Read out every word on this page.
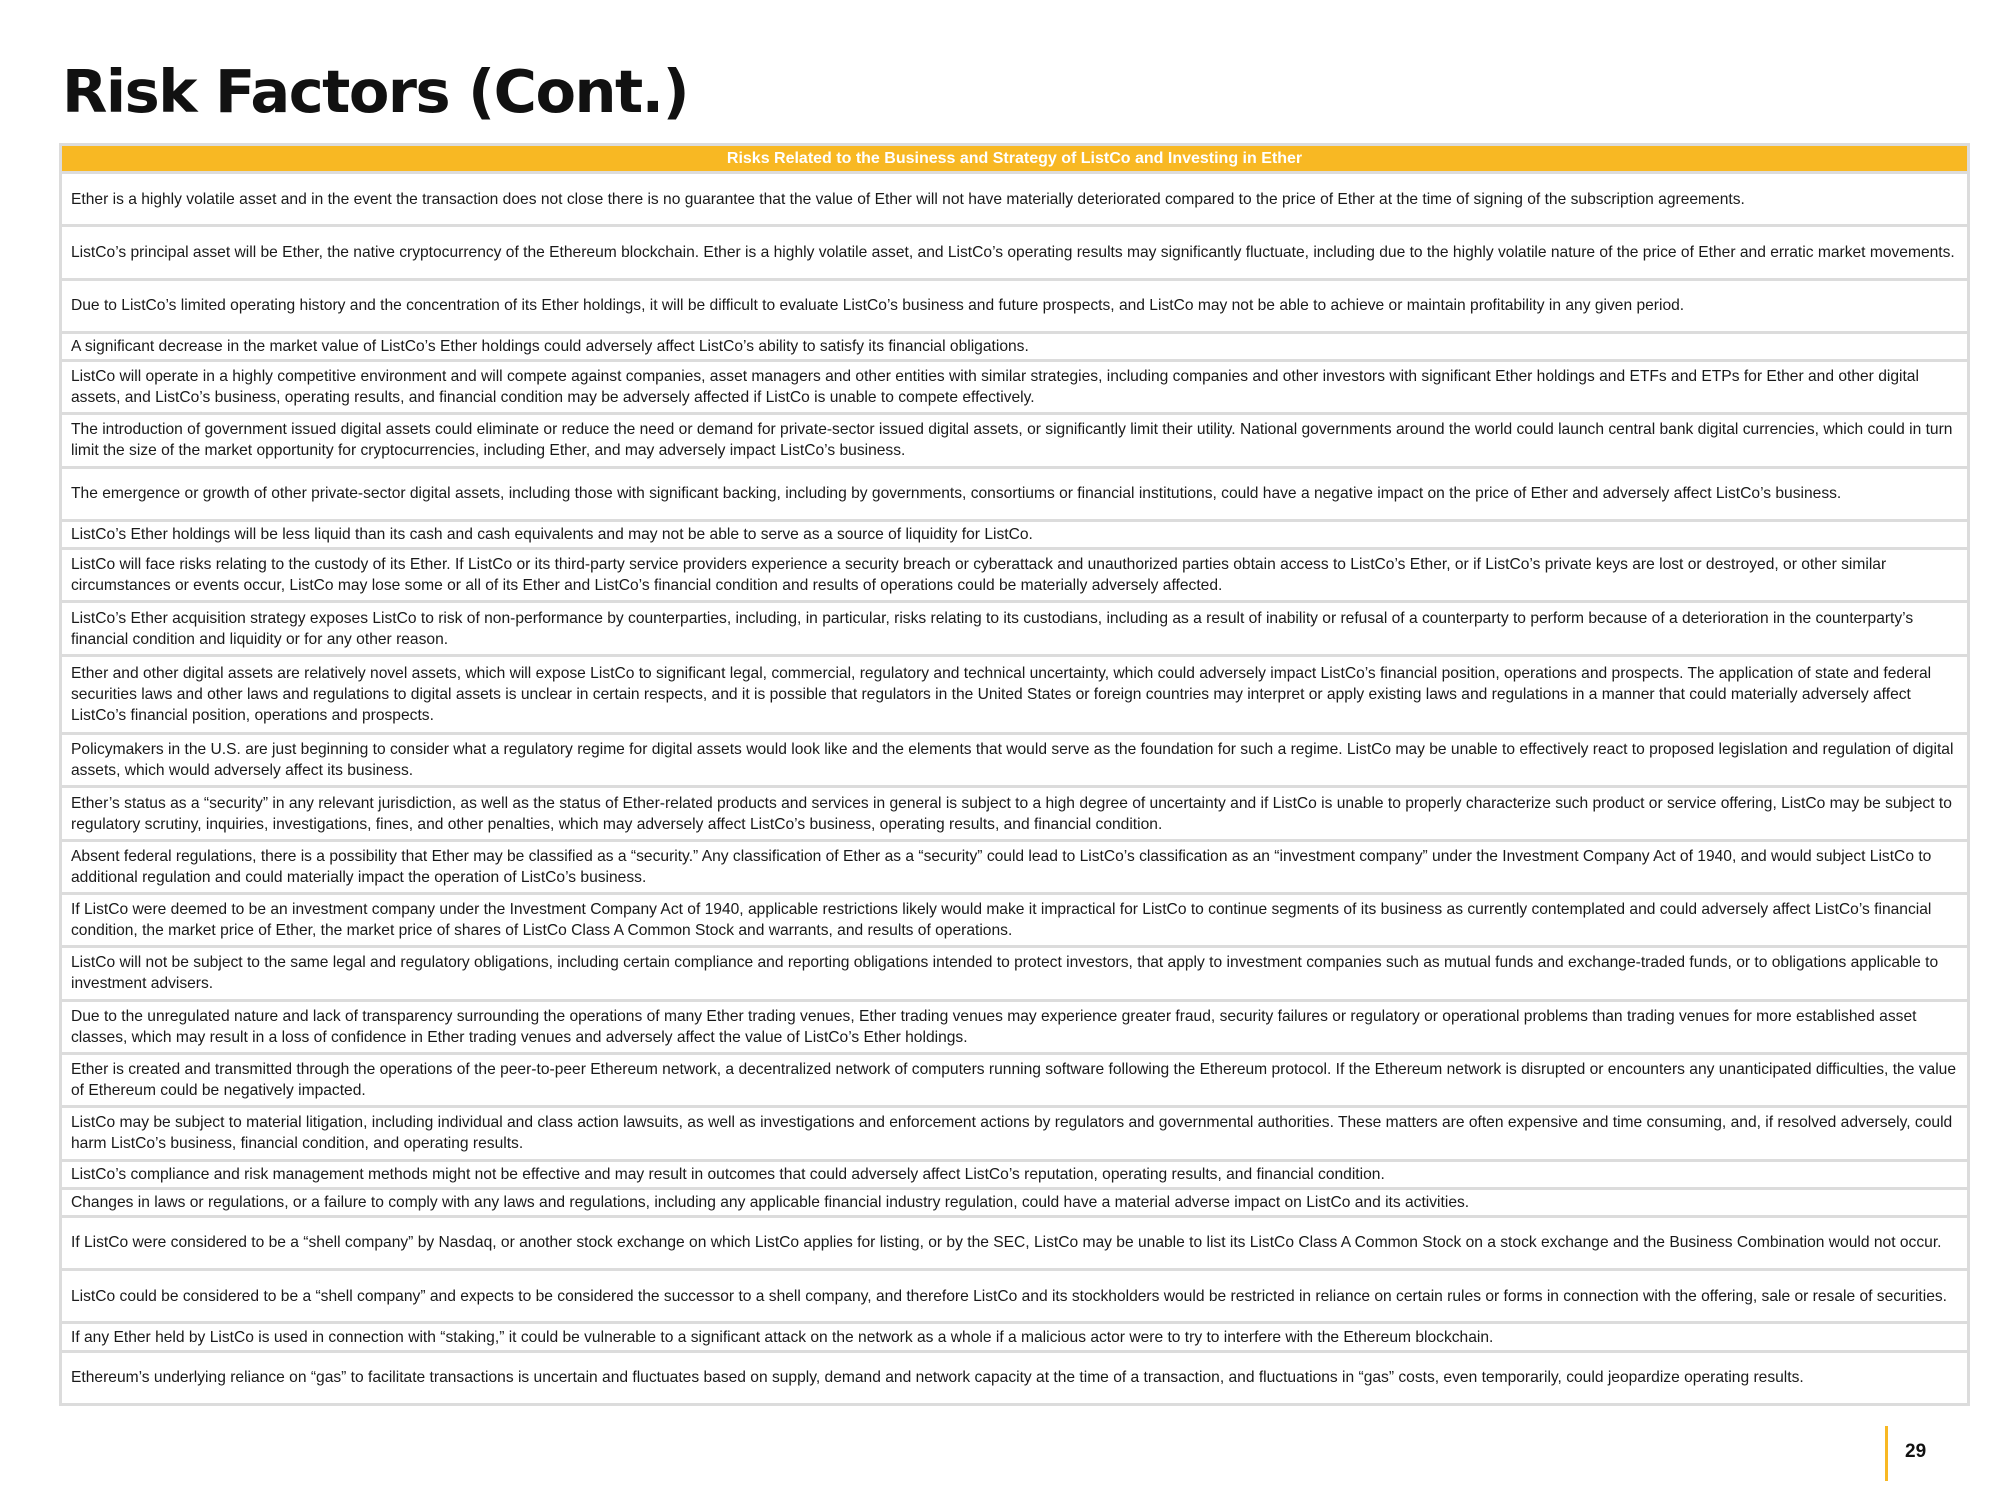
Risk Factors (Cont.)
Risks Related to the Business and Strategy of ListCo and Investing in Ether
Ether is a highly volatile asset and in the event the transaction does not close there is no guarantee that the value of Ether will not have materially deteriorated compared to the price of Ether at the time of signing of the subscription agreements.
ListCo’s principal asset will be Ether, the native cryptocurrency of the Ethereum blockchain. Ether is a highly volatile asset, and ListCo’s operating results may significantly fluctuate, including due to the highly volatile nature of the price of Ether and erratic market movements.
Due to ListCo’s limited operating history and the concentration of its Ether holdings, it will be difficult to evaluate ListCo’s business and future prospects, and ListCo may not be able to achieve or maintain profitability in any given period.
A significant decrease in the market value of ListCo’s Ether holdings could adversely affect ListCo’s ability to satisfy its financial obligations.
ListCo will operate in a highly competitive environment and will compete against companies, asset managers and other entities with similar strategies, including companies and other investors with significant Ether holdings and ETFs and ETPs for Ether and other digital assets, and ListCo’s business, operating results, and financial condition may be adversely affected if ListCo is unable to compete effectively.
The introduction of government issued digital assets could eliminate or reduce the need or demand for private-sector issued digital assets, or significantly limit their utility. National governments around the world could launch central bank digital currencies, which could in turn limit the size of the market opportunity for cryptocurrencies, including Ether, and may adversely impact ListCo’s business.
The emergence or growth of other private-sector digital assets, including those with significant backing, including by governments, consortiums or financial institutions, could have a negative impact on the price of Ether and adversely affect ListCo’s business.
ListCo’s Ether holdings will be less liquid than its cash and cash equivalents and may not be able to serve as a source of liquidity for ListCo.
ListCo will face risks relating to the custody of its Ether. If ListCo or its third-party service providers experience a security breach or cyberattack and unauthorized parties obtain access to ListCo’s Ether, or if ListCo’s private keys are lost or destroyed, or other similar circumstances or events occur, ListCo may lose some or all of its Ether and ListCo’s financial condition and results of operations could be materially adversely affected.
ListCo’s Ether acquisition strategy exposes ListCo to risk of non-performance by counterparties, including, in particular, risks relating to its custodians, including as a result of inability or refusal of a counterparty to perform because of a deterioration in the counterparty’s financial condition and liquidity or for any other reason.
Ether and other digital assets are relatively novel assets, which will expose ListCo to significant legal, commercial, regulatory and technical uncertainty, which could adversely impact ListCo’s financial position, operations and prospects. The application of state and federal securities laws and other laws and regulations to digital assets is unclear in certain respects, and it is possible that regulators in the United States or foreign countries may interpret or apply existing laws and regulations in a manner that could materially adversely affect ListCo’s financial position, operations and prospects.
Policymakers in the U.S. are just beginning to consider what a regulatory regime for digital assets would look like and the elements that would serve as the foundation for such a regime. ListCo may be unable to effectively react to proposed legislation and regulation of digital assets, which would adversely affect its business.
Ether’s status as a “security” in any relevant jurisdiction, as well as the status of Ether-related products and services in general is subject to a high degree of uncertainty and if ListCo is unable to properly characterize such product or service offering, ListCo may be subject to regulatory scrutiny, inquiries, investigations, fines, and other penalties, which may adversely affect ListCo’s business, operating results, and financial condition.
Absent federal regulations, there is a possibility that Ether may be classified as a “security.” Any classification of Ether as a “security” could lead to ListCo’s classification as an “investment company” under the Investment Company Act of 1940, and would subject ListCo to additional regulation and could materially impact the operation of ListCo’s business.
If ListCo were deemed to be an investment company under the Investment Company Act of 1940, applicable restrictions likely would make it impractical for ListCo to continue segments of its business as currently contemplated and could adversely affect ListCo’s financial condition, the market price of Ether, the market price of shares of ListCo Class A Common Stock and warrants, and results of operations.
ListCo will not be subject to the same legal and regulatory obligations, including certain compliance and reporting obligations intended to protect investors, that apply to investment companies such as mutual funds and exchange-traded funds, or to obligations applicable to investment advisers.
Due to the unregulated nature and lack of transparency surrounding the operations of many Ether trading venues, Ether trading venues may experience greater fraud, security failures or regulatory or operational problems than trading venues for more established asset classes, which may result in a loss of confidence in Ether trading venues and adversely affect the value of ListCo’s Ether holdings.
Ether is created and transmitted through the operations of the peer-to-peer Ethereum network, a decentralized network of computers running software following the Ethereum protocol. If the Ethereum network is disrupted or encounters any unanticipated difficulties, the value of Ethereum could be negatively impacted.
ListCo may be subject to material litigation, including individual and class action lawsuits, as well as investigations and enforcement actions by regulators and governmental authorities. These matters are often expensive and time consuming, and, if resolved adversely, could harm ListCo’s business, financial condition, and operating results.
ListCo’s compliance and risk management methods might not be effective and may result in outcomes that could adversely affect ListCo’s reputation, operating results, and financial condition.
Changes in laws or regulations, or a failure to comply with any laws and regulations, including any applicable financial industry regulation, could have a material adverse impact on ListCo and its activities.
If ListCo were considered to be a “shell company” by Nasdaq, or another stock exchange on which ListCo applies for listing, or by the SEC, ListCo may be unable to list its ListCo Class A Common Stock on a stock exchange and the Business Combination would not occur.
ListCo could be considered to be a “shell company” and expects to be considered the successor to a shell company, and therefore ListCo and its stockholders would be restricted in reliance on certain rules or forms in connection with the offering, sale or resale of securities.
If any Ether held by ListCo is used in connection with “staking,” it could be vulnerable to a significant attack on the network as a whole if a malicious actor were to try to interfere with the Ethereum blockchain.
Ethereum’s underlying reliance on “gas” to facilitate transactions is uncertain and fluctuates based on supply, demand and network capacity at the time of a transaction, and fluctuations in “gas” costs, even temporarily, could jeopardize operating results.
29
